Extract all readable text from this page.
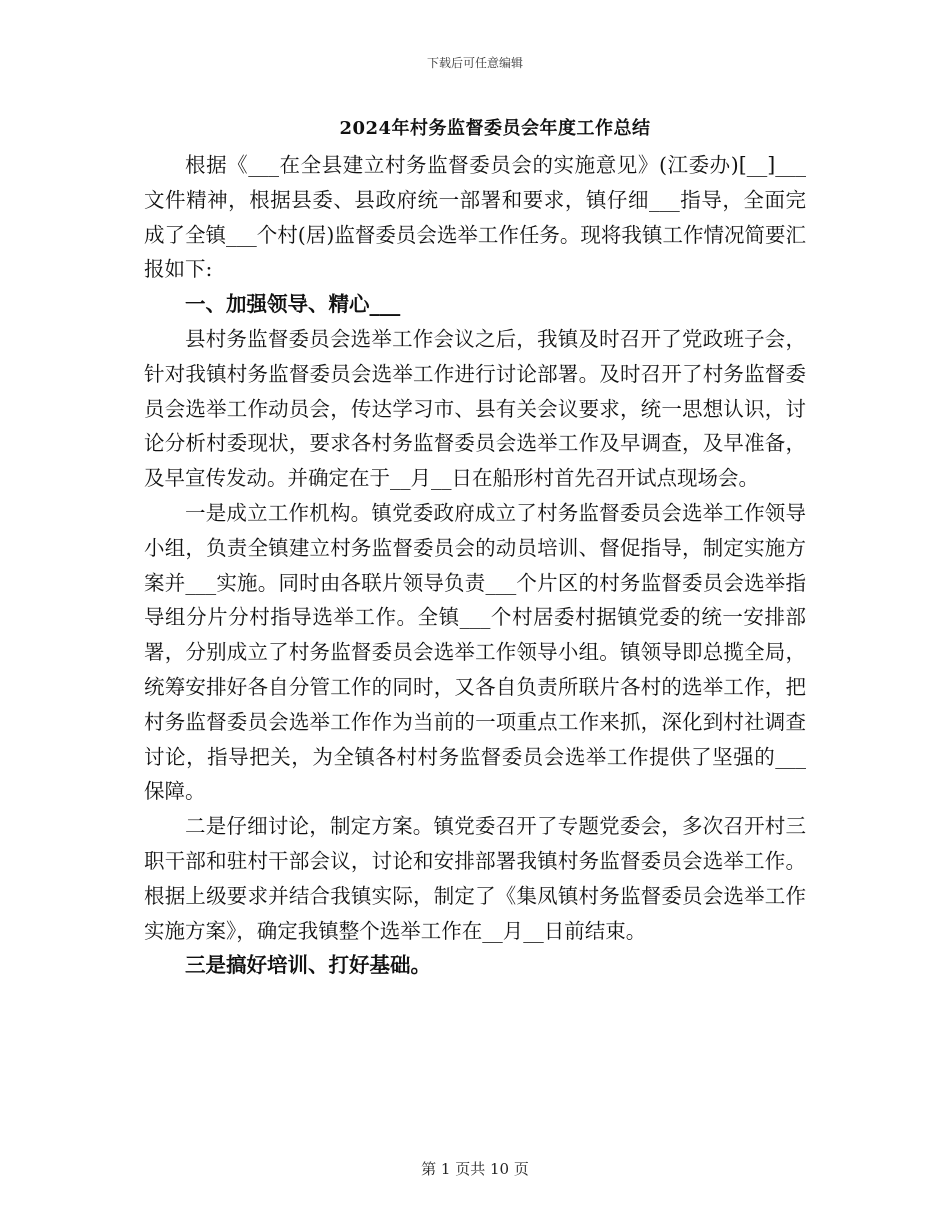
下载后可任意编辑
2024年村务监督委员会年度工作总结

根据《___在全县建立村务监督委员会的实施意见》(江委办)[__]___文件精神，根据县委、县政府统一部署和要求，镇仔细___指导，全面完成了全镇___个村(居)监督委员会选举工作任务。现将我镇工作情况简要汇报如下:

一、加强领导、精心___

县村务监督委员会选举工作会议之后，我镇及时召开了党政班子会，针对我镇村务监督委员会选举工作进行讨论部署。及时召开了村务监督委员会选举工作动员会，传达学习市、县有关会议要求，统一思想认识，讨论分析村委现状，要求各村务监督委员会选举工作及早调查，及早准备，及早宣传发动。并确定在于__月__日在船形村首先召开试点现场会。

一是成立工作机构。镇党委政府成立了村务监督委员会选举工作领导小组，负责全镇建立村务监督委员会的动员培训、督促指导，制定实施方案并___实施。同时由各联片领导负责___个片区的村务监督委员会选举指导组分片分村指导选举工作。全镇___个村居委村据镇党委的统一安排部署，分别成立了村务监督委员会选举工作领导小组。镇领导即总揽全局，统筹安排好各自分管工作的同时，又各自负责所联片各村的选举工作，把村务监督委员会选举工作作为当前的一项重点工作来抓，深化到村社调查讨论，指导把关，为全镇各村村务监督委员会选举工作提供了坚强的___保障。

二是仔细讨论，制定方案。镇党委召开了专题党委会，多次召开村三职干部和驻村干部会议，讨论和安排部署我镇村务监督委员会选举工作。根据上级要求并结合我镇实际，制定了《集凤镇村务监督委员会选举工作实施方案》，确定我镇整个选举工作在__月__日前结束。

三是搞好培训、打好基础。

第 1 页共 10 页
